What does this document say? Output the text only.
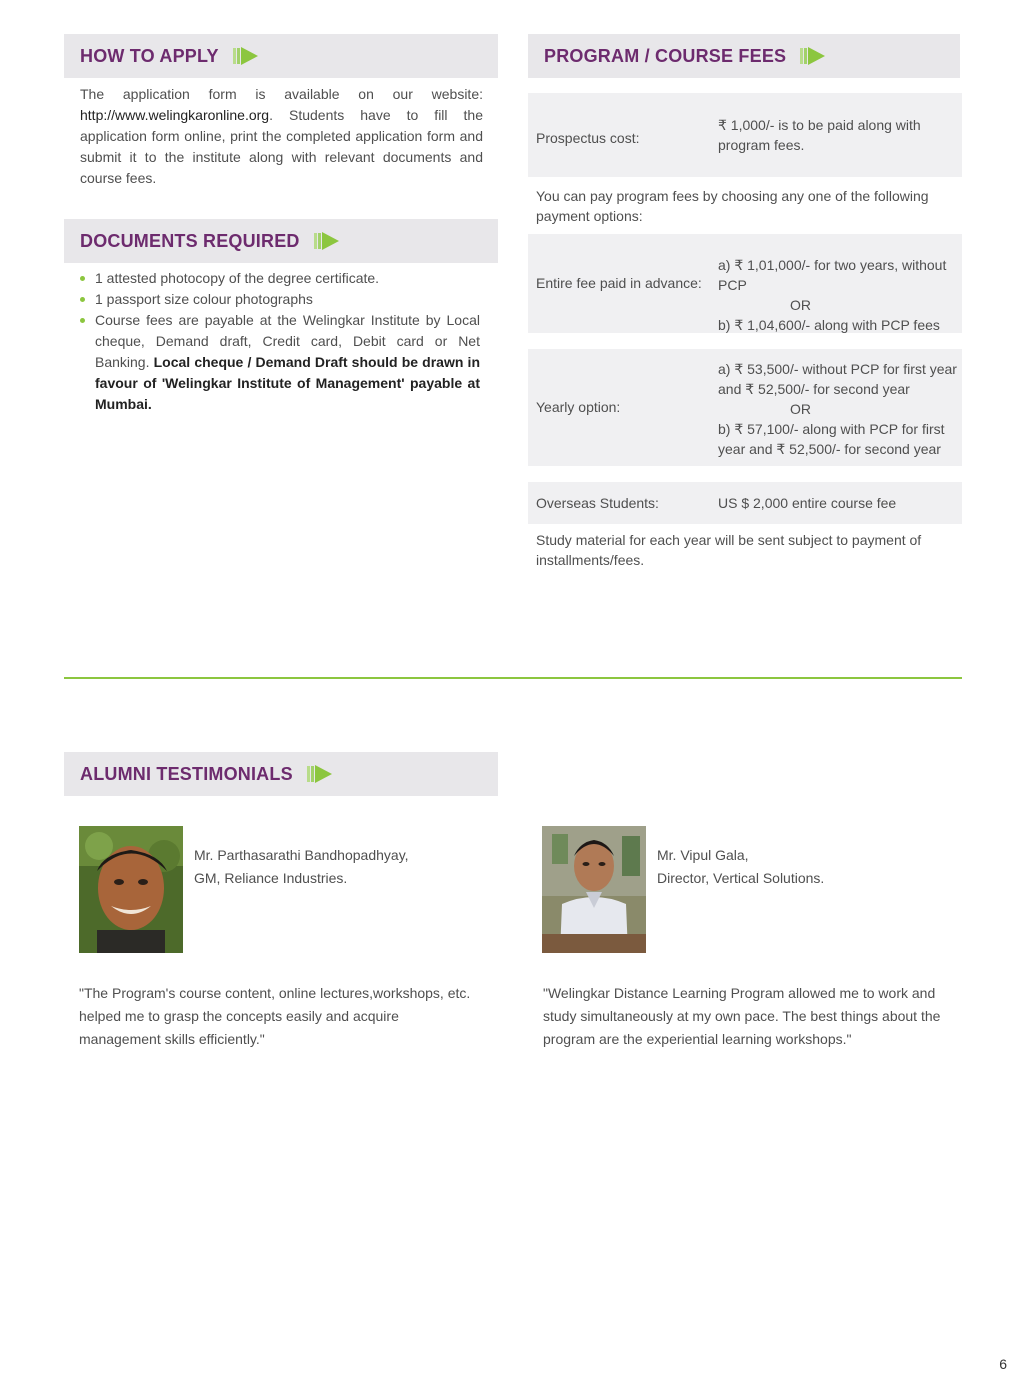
HOW TO APPLY
The application form is available on our website: http://www.welingkaronline.org. Students have to fill the application form online, print the completed application form and submit it to the institute along with relevant documents and course fees.
DOCUMENTS REQUIRED
1 attested photocopy of the degree certificate.
1 passport size colour photographs
Course fees are payable at the Welingkar Institute by Local cheque, Demand draft, Credit card, Debit card or Net Banking. Local cheque / Demand Draft should be drawn in favour of 'Welingkar Institute of Management' payable at Mumbai.
PROGRAM / COURSE FEES
Prospectus cost:
₹ 1,000/- is to be paid along with program fees.
You can pay program fees by choosing any one of the following payment options:
Entire fee paid in advance:
a) ₹ 1,01,000/- for two years, without PCP
OR
b) ₹ 1,04,600/- along with PCP fees
Yearly option:
a) ₹ 53,500/- without PCP for first year and ₹ 52,500/- for second year
OR
b) ₹ 57,100/- along with PCP for first year and ₹ 52,500/- for second year
Overseas Students:	US $ 2,000 entire course fee
Study material for each year will be sent subject to payment of installments/fees.
ALUMNI TESTIMONIALS
Mr. Parthasarathi Bandhopadhyay,
GM, Reliance Industries.
"The Program's course content, online lectures,workshops, etc. helped me to grasp the concepts easily and acquire management skills efficiently."
Mr. Vipul Gala,
Director, Vertical Solutions.
"Welingkar Distance Learning Program allowed me to work and study simultaneously at my own pace. The best things about the program are the experiential learning workshops."
6
